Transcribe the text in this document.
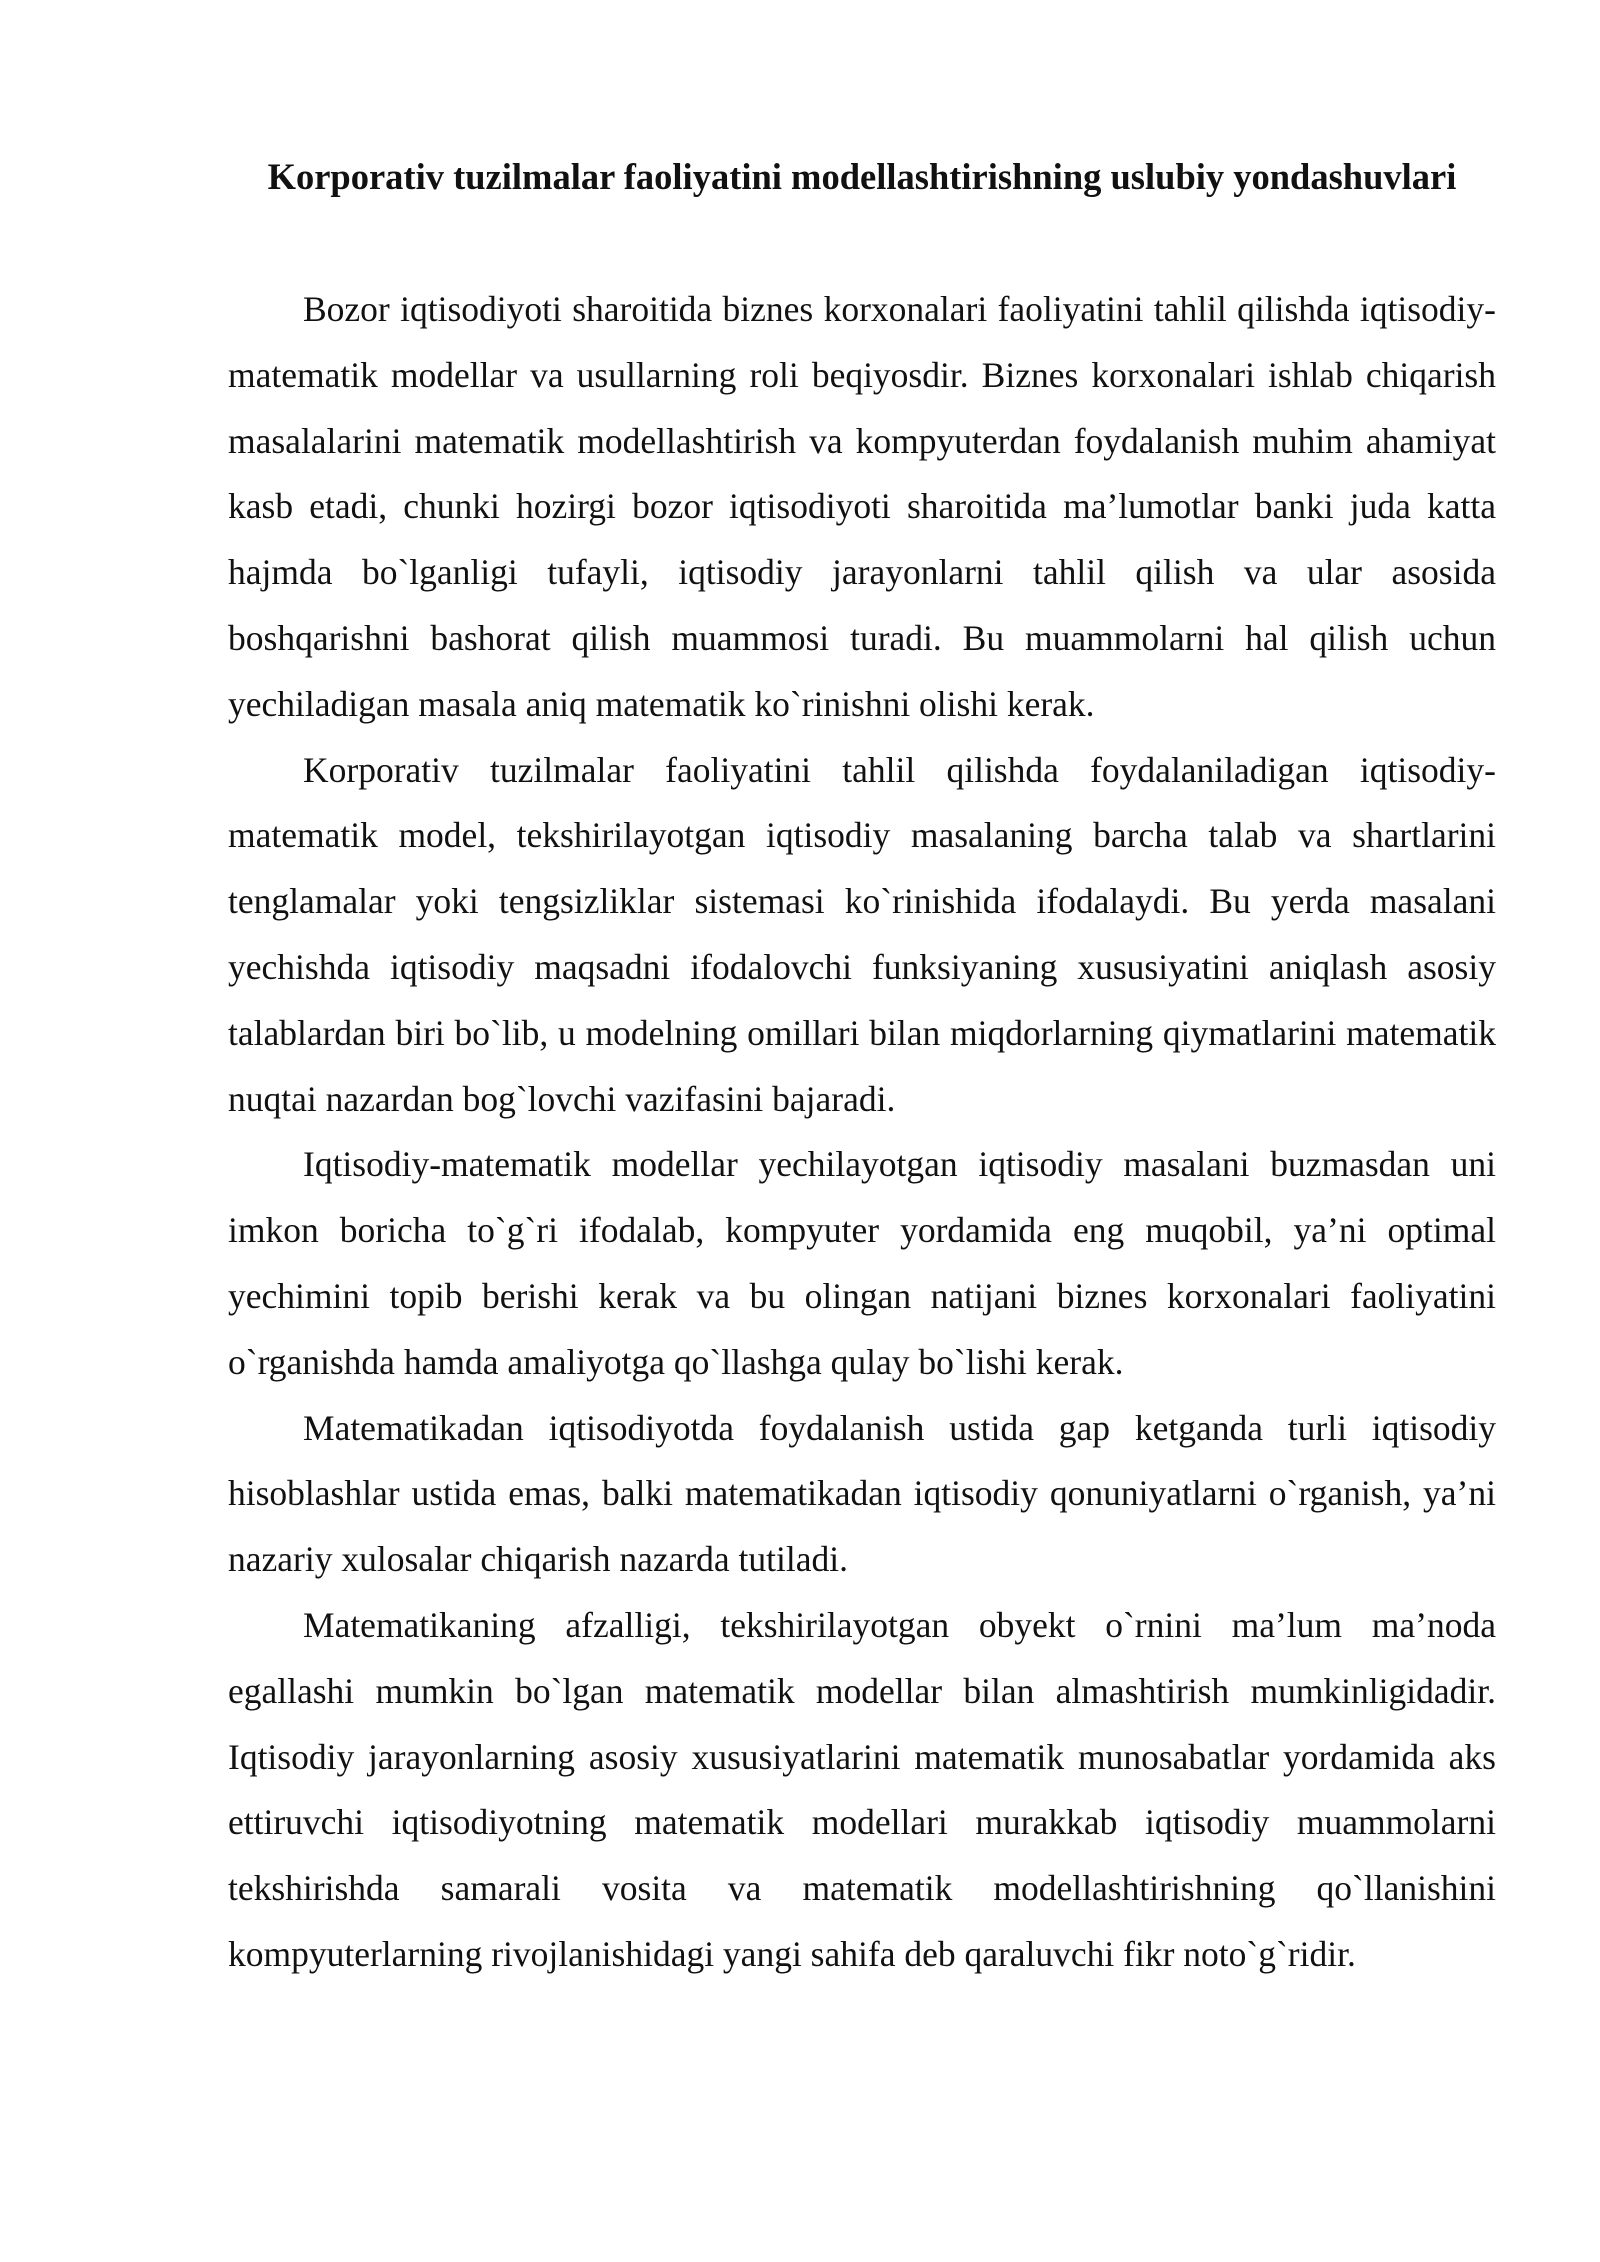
Korporativ tuzilmalar faoliyatini modellashtirishning uslubiy yondashuvlari

Bozor iqtisodiyoti sharoitida biznes korxonalari faoliyatini tahlil qilishda iqtisodiy-matematik modellar va usullarning roli beqiyosdir. Biznes korxonalari ishlab chiqarish masalalarini matematik modellashtirish va kompyuterdan foydalanish muhim ahamiyat kasb etadi, chunki hozirgi bozor iqtisodiyoti sharoitida ma’lumotlar banki juda katta hajmda bo`lganligi tufayli, iqtisodiy jarayonlarni tahlil qilish va ular asosida boshqarishni bashorat qilish muammosi turadi. Bu muammolarni hal qilish uchun yechiladigan masala aniq matematik ko`rinishni olishi kerak.

Korporativ tuzilmalar faoliyatini tahlil qilishda foydalaniladigan iqtisodiy-matematik model, tekshirilayotgan iqtisodiy masalaning barcha talab va shartlarini tenglamalar yoki tengsizliklar sistemasi ko`rinishida ifodalaydi. Bu yerda masalani yechishda iqtisodiy maqsadni ifodalovchi funksiyaning xususiyatini aniqlash asosiy talablardan biri bo`lib, u modelning omillari bilan miqdorlarning qiymatlarini matematik nuqtai nazardan bog`lovchi vazifasini bajaradi.

Iqtisodiy-matematik modellar yechilayotgan iqtisodiy masalani buzmasdan uni imkon boricha to`g`ri ifodalab, kompyuter yordamida eng muqobil, ya’ni optimal yechimini topib berishi kerak va bu olingan natijani biznes korxonalari faoliyatini o`rganishda hamda amaliyotga qo`llashga qulay bo`lishi kerak.

Matematikadan iqtisodiyotda foydalanish ustida gap ketganda turli iqtisodiy hisoblashlar ustida emas, balki matematikadan iqtisodiy qonuniyatlarni o`rganish, ya’ni nazariy xulosalar chiqarish nazarda tutiladi.

Matematikaning afzalligi, tekshirilayotgan obyekt o`rnini ma’lum ma’noda egallashi mumkin bo`lgan matematik modellar bilan almashtirish mumkinligidadir. Iqtisodiy jarayonlarning asosiy xususiyatlarini matematik munosabatlar yordamida aks ettiruvchi iqtisodiyotning matematik modellari murakkab iqtisodiy muammolarni tekshirishda samarali vosita va matematik modellashtirishning qo`llanishini kompyuterlarning rivojlanishidagi yangi sahifa deb qaraluvchi fikr noto`g`ridir.
